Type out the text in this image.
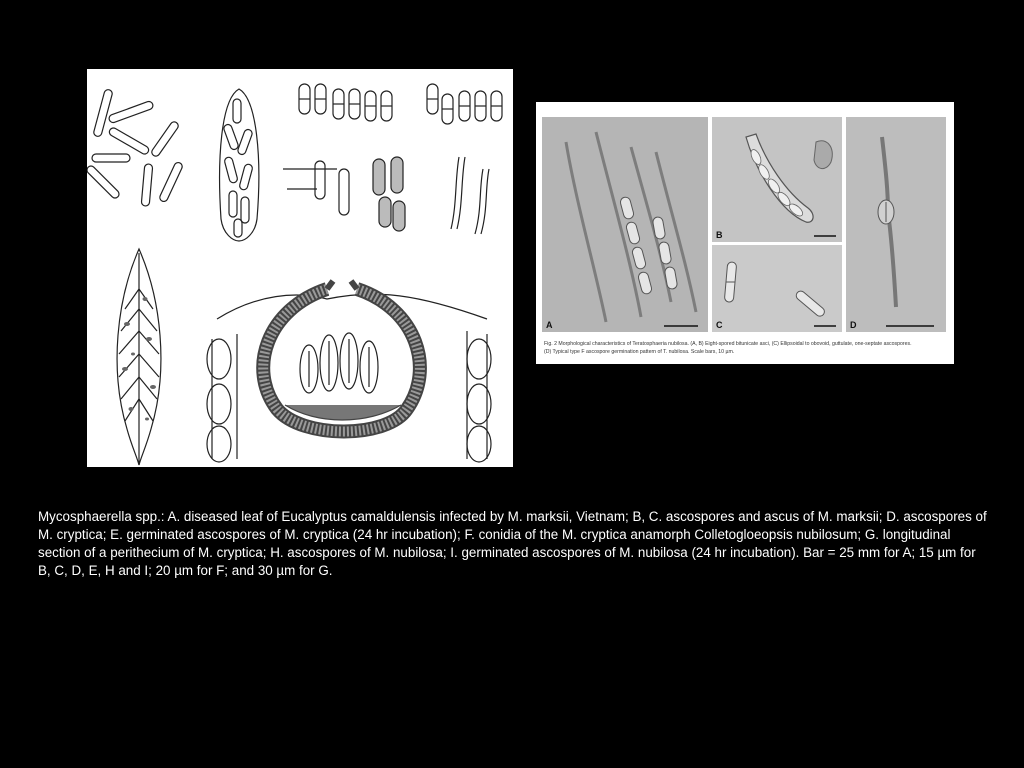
A
B
C	D
Fig. 2 Morphological characteristics of Teratosphaeria nubilosa. (A, B) Eight-spored bitunicate asci, (C) Ellipsoidal to obovoid, guttulate, one-septate ascospores.
(D) Typical type F ascospore germination pattern of T. nubilosa. Scale bars, 10 µm.
Mycosphaerella spp.: A. diseased leaf of Eucalyptus camaldulensis infected by M. marksii, Vietnam; B, C. ascospores and ascus of M. marksii; D. ascospores of M. cryptica; E. germinated ascospores of M. cryptica (24 hr incubation); F. conidia of the M. cryptica anamorph Colletogloeopsis nubilosum; G. longitudinal section of a perithecium of M. cryptica; H. ascospores of M. nubilosa; I. germinated ascospores of M. nubilosa (24 hr incubation). Bar = 25 mm for A; 15 µm for B, C, D, E, H and I; 20 µm for F; and 30 µm for G.
